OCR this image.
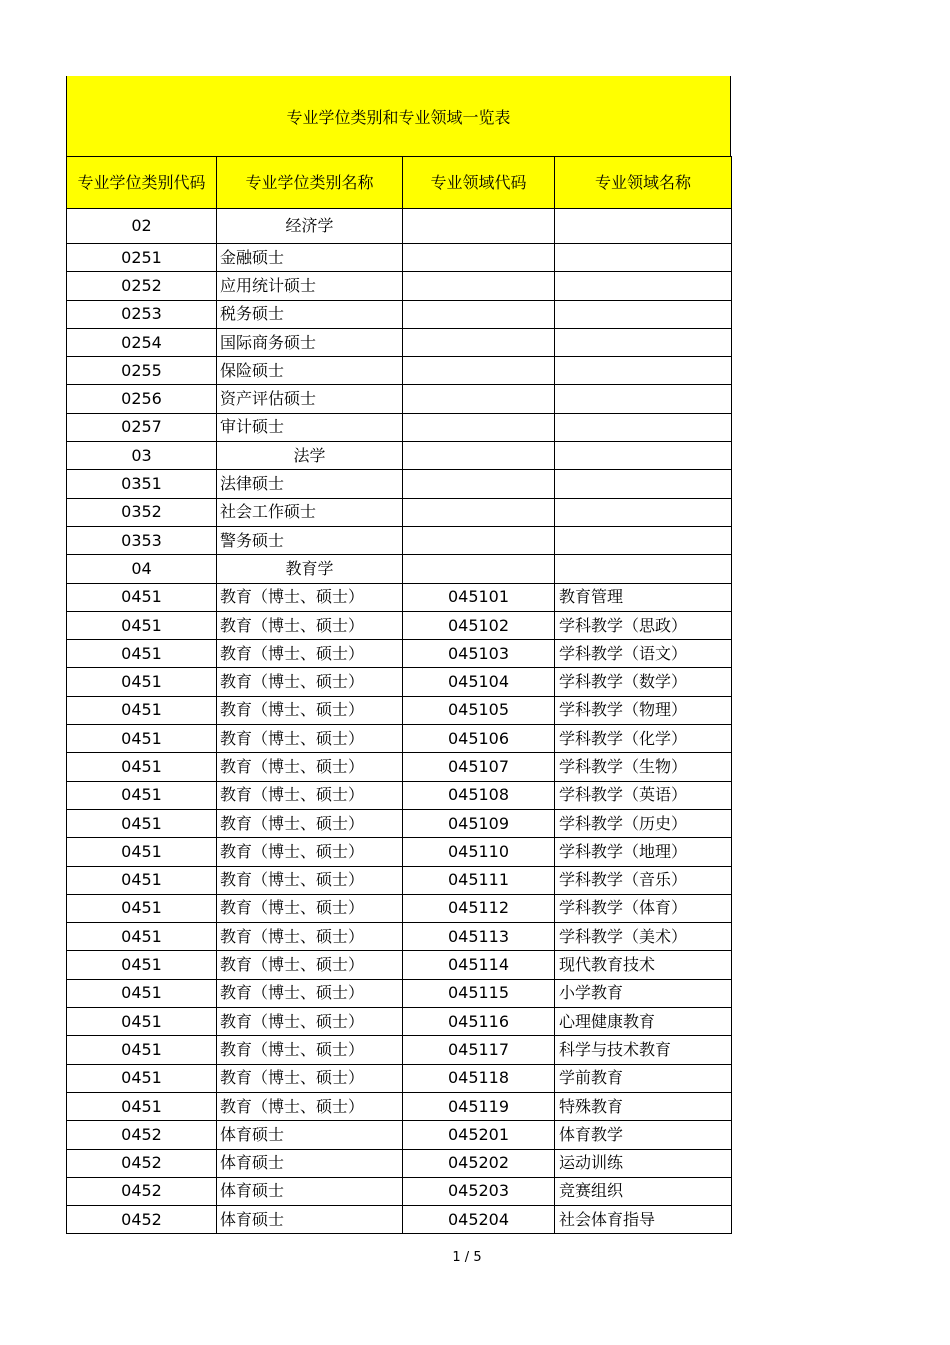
专业学位类别和专业领域一览表
专业学位类别代码	专业学位类别名称	专业领域代码	专业领域名称
02	经济学		
0251	金融硕士		
0252	应用统计硕士		
0253	税务硕士		
0254	国际商务硕士		
0255	保险硕士		
0256	资产评估硕士		
0257	审计硕士		
03	法学		
0351	法律硕士		
0352	社会工作硕士		
0353	警务硕士		
04	教育学		
0451	教育（博士、硕士）	045101	教育管理
0451	教育（博士、硕士）	045102	学科教学（思政）
0451	教育（博士、硕士）	045103	学科教学（语文）
0451	教育（博士、硕士）	045104	学科教学（数学）
0451	教育（博士、硕士）	045105	学科教学（物理）
0451	教育（博士、硕士）	045106	学科教学（化学）
0451	教育（博士、硕士）	045107	学科教学（生物）
0451	教育（博士、硕士）	045108	学科教学（英语）
0451	教育（博士、硕士）	045109	学科教学（历史）
0451	教育（博士、硕士）	045110	学科教学（地理）
0451	教育（博士、硕士）	045111	学科教学（音乐）
0451	教育（博士、硕士）	045112	学科教学（体育）
0451	教育（博士、硕士）	045113	学科教学（美术）
0451	教育（博士、硕士）	045114	现代教育技术
0451	教育（博士、硕士）	045115	小学教育
0451	教育（博士、硕士）	045116	心理健康教育
0451	教育（博士、硕士）	045117	科学与技术教育
0451	教育（博士、硕士）	045118	学前教育
0451	教育（博士、硕士）	045119	特殊教育
0452	体育硕士	045201	体育教学
0452	体育硕士	045202	运动训练
0452	体育硕士	045203	竞赛组织
0452	体育硕士	045204	社会体育指导
1 / 5
